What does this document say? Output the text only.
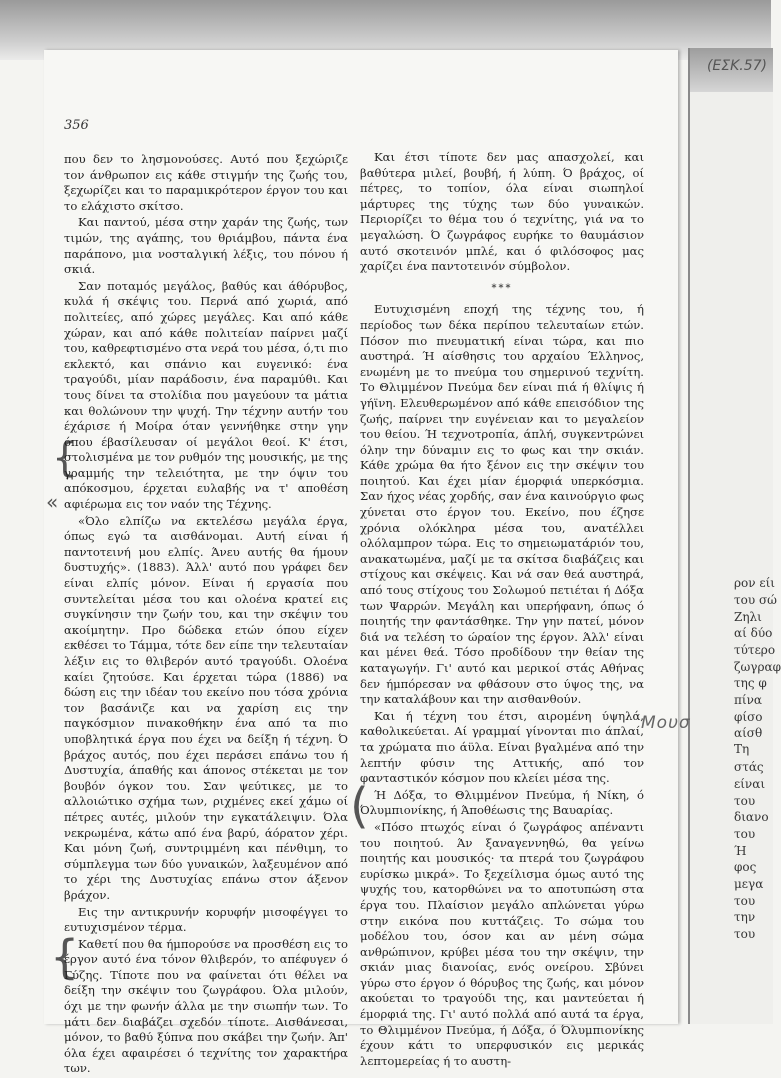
(ΕΣΚ.57)
ρον είι
του σώ
Ζηλι
αί δύο
τύτερο
ζωγραφ
της φ
πίνα
φίσο
αίσθ
Τη
στάς
είναι
του
διανο
του
Ή
φος
μεγα
του
την
του
356
{
«
{
(

που δεν το λησμονούσες. Αυτό που ξεχώριζε τον άνθρωπον εις κάθε στιγμήν της ζωής του, ξεχωρίζει και το παραμικρότερον έργον του και το ελάχιστο σκίτσο.

Και παντού, μέσα στην χαράν της ζωής, των τιμών, της αγάπης, του θριάμβου, πάντα ένα παράπονο, μια νοσταλγική λέξις, του πόνου ή σκιά.

Σαν ποταμός μεγάλος, βαθύς και άθόρυβος, κυλά ή σκέψις του. Περνά από χωριά, από πολιτείες, από χώρες μεγάλες. Και από κάθε χώραν, και από κάθε πολιτείαν παίρνει μαζί του, καθρεφτισμένο στα νερά του μέσα, ό,τι πιο εκλεκτό, και σπάνιο και ευγενικό: ένα τραγούδι, μίαν παράδοσιν, ένα παραμύθι. Και τους δίνει τα στολίδια που μαγεύουν τα μάτια και θολώνουν την ψυχή. Την τέχνην αυτήν του έχάρισε ή Μοίρα όταν γεννήθηκε στην γην όπου έβασίλευσαν οί μεγάλοι θεοί. Κ' έτσι, στολισμένα με τον ρυθμόν της μουσικής, με της γραμμής την τελειότητα, με την όψιν του απόκοσμου, έρχεται ευλαβής να τ' αποθέση αφιέρωμα εις τον ναόν της Τέχνης.

«Όλο ελπίζω να εκτελέσω μεγάλα έργα, όπως εγώ τα αισθάνομαι. Αυτή είναι ή παντοτεινή μου ελπίς. Άνευ αυτής θα ήμουν δυστυχής». (1883). Άλλ' αυτό που γράφει δεν είναι ελπίς μόνον. Είναι ή εργασία που συντελείται μέσα του και ολοένα κρατεί εις συγκίνησιν την ζωήν του, και την σκέψιν του ακοίμητην. Προ δώδεκα ετών όπου είχεν εκθέσει το Τάμμα, τότε δεν είπε την τελευταίαν λέξιν εις το θλιβερόν αυτό τραγούδι. Ολοένα καίει ζητούσε. Και έρχεται τώρα (1886) να δώση εις την ιδέαν του εκείνο που τόσα χρόνια τον βασάνιζε και να χαρίση εις την παγκόσμιον πινακοθήκην ένα από τα πιο υποβλητικά έργα που έχει να δείξη ή τέχνη. Ό βράχος αυτός, που έχει περάσει επάνω του ή Δυστυχία, άπαθής και άπονος στέκεται με τον βουβόν όγκον του. Σαν ψεύτικες, με το αλλοιώτικο σχήμα των, ριχμένες εκεί χάμω οί πέτρες αυτές, μιλούν την εγκατάλειψιν. Όλα νεκρωμένα, κάτω από ένα βαρύ, άόρατον χέρι. Και μόνη ζωή, συντριμμένη και πένθιμη, το σύμπλεγμα των δύο γυναικών, λαξευμένον από το χέρι της Δυστυχίας επάνω στον άξενον βράχον.

Εις την αντικρυνήν κορυφήν μισοφέγγει το ευτυχισμένον τέρμα.

Καθετί που θα ήμπορούσε να προσθέση εις το έργον αυτό ένα τόνον θλιβερόν, το απέφυγεν ό Γύζης. Τίποτε που να φαίνεται ότι θέλει να δείξη την σκέψιν του ζωγράφου. Όλα μιλούν, όχι με την φωνήν άλλα με την σιωπήν των. Το μάτι δεν διαβάζει σχεδόν τίποτε. Αισθάνεσαι, μόνον, το βαθύ ξύπνα που σκάβει την ζωήν. Άπ' όλα έχει αφαιρέσει ό τεχνίτης τον χαρακτήρα των.

Και έτσι τίποτε δεν μας απασχολεί, και βαθύτερα μιλεί, βουβή, ή λύπη. Ό βράχος, οί πέτρες, το τοπίον, όλα είναι σιωπηλοί μάρτυρες της τύχης των δύο γυναικών. Περιορίζει το θέμα του ό τεχνίτης, γιά να το μεγαλώση. Ό ζωγράφος ευρήκε το θαυμάσιον αυτό σκοτεινόν μπλέ, και ό φιλόσοφος μας χαρίζει ένα παντοτεινόν σύμβολον.

***

Ευτυχισμένη εποχή της τέχνης του, ή περίοδος των δέκα περίπου τελευταίων ετών. Πόσον πιο πνευματική είναι τώρα, και πιο αυστηρά. Ή αίσθησις του αρχαίου Έλληνος, ενωμένη με το πνεύμα του σημερινού τεχνίτη. Το Θλιμμένον Πνεύμα δεν είναι πιά ή θλίψις ή γήϊνη. Ελευθερωμένον από κάθε επεισόδιον της ζωής, παίρνει την ευγένειαν και το μεγαλείον του θείου. Ή τεχνοτροπία, άπλή, συγκεντρώνει όλην την δύναμιν εις το φως και την σκιάν. Κάθε χρώμα θα ήτο ξένον εις την σκέψιν του ποιητού. Και έχει μίαν έμορφιά υπερκόσμια. Σαν ήχος νέας χορδής, σαν ένα καινούργιο φως χύνεται στο έργον του. Εκείνο, που έζησε χρόνια ολόκληρα μέσα του, ανατέλλει ολόλαμπρον τώρα. Εις το σημειωματάριόν του, ανακατωμένα, μαζί με τα σκίτσα διαβάζεις και στίχους και σκέψεις. Και νά σαν θεά αυστηρά, από τους στίχους του Σολωμού πετιέται ή Δόξα των Ψαρρών. Μεγάλη και υπερήφανη, όπως ό ποιητής την φαντάσθηκε. Την γην πατεί, μόνον διά να τελέση το ώραίον της έργον. Άλλ' είναι και μένει θεά. Τόσο προδίδουν την θείαν της καταγωγήν. Γι' αυτό και μερικοί στάς Αθήνας δεν ήμπόρεσαν να φθάσουν στο ύψος της, να την καταλάβουν και την αισθανθούν.

Και ή τέχνη του έτσι, αιρομένη ύψηλά, καθολικεύεται. Αί γραμμαί γίνονται πιο άπλαί, τα χρώματα πιο άϋλα. Είναι βγαλμένα από την λεπτήν φύσιν της Αττικής, από τον φανταστικόν κόσμον που κλείει μέσα της.

Ή Δόξα, το Θλιμμένον Πνεύμα, ή Νίκη, ό Όλυμπιονίκης, ή Άποθέωσις της Βαυαρίας.

«Πόσο πτωχός είναι ό ζωγράφος απέναντι του ποιητού. Άν ξαναγεννηθώ, θα γείνω ποιητής και μουσικός· τα πτερά του ζωγράφου ευρίσκω μικρά». Το ξεχείλισμα όμως αυτό της ψυχής του, κατορθώνει να το αποτυπώση στα έργα του. Πλαίσιον μεγάλο απλώνεται γύρω στην εικόνα που κυττάζεις. Το σώμα του μοδέλου του, όσον και αν μένη σώμα ανθρώπινον, κρύβει μέσα του την σκέψιν, την σκιάν μιας διανοίας, ενός ονείρου. Σβύνει γύρω στο έργον ό θόρυβος της ζωής, και μόνον ακούεται το τραγούδι της, και μαντεύεται ή έμορφιά της. Γι' αυτό πολλά από αυτά τα έργα, το Θλιμμένον Πνεύμα, ή Δόξα, ό Όλυμπιονίκης έχουν κάτι το υπερφυσικόν εις μερικάς λεπτομερείας ή το αυστη-

Μουσ
